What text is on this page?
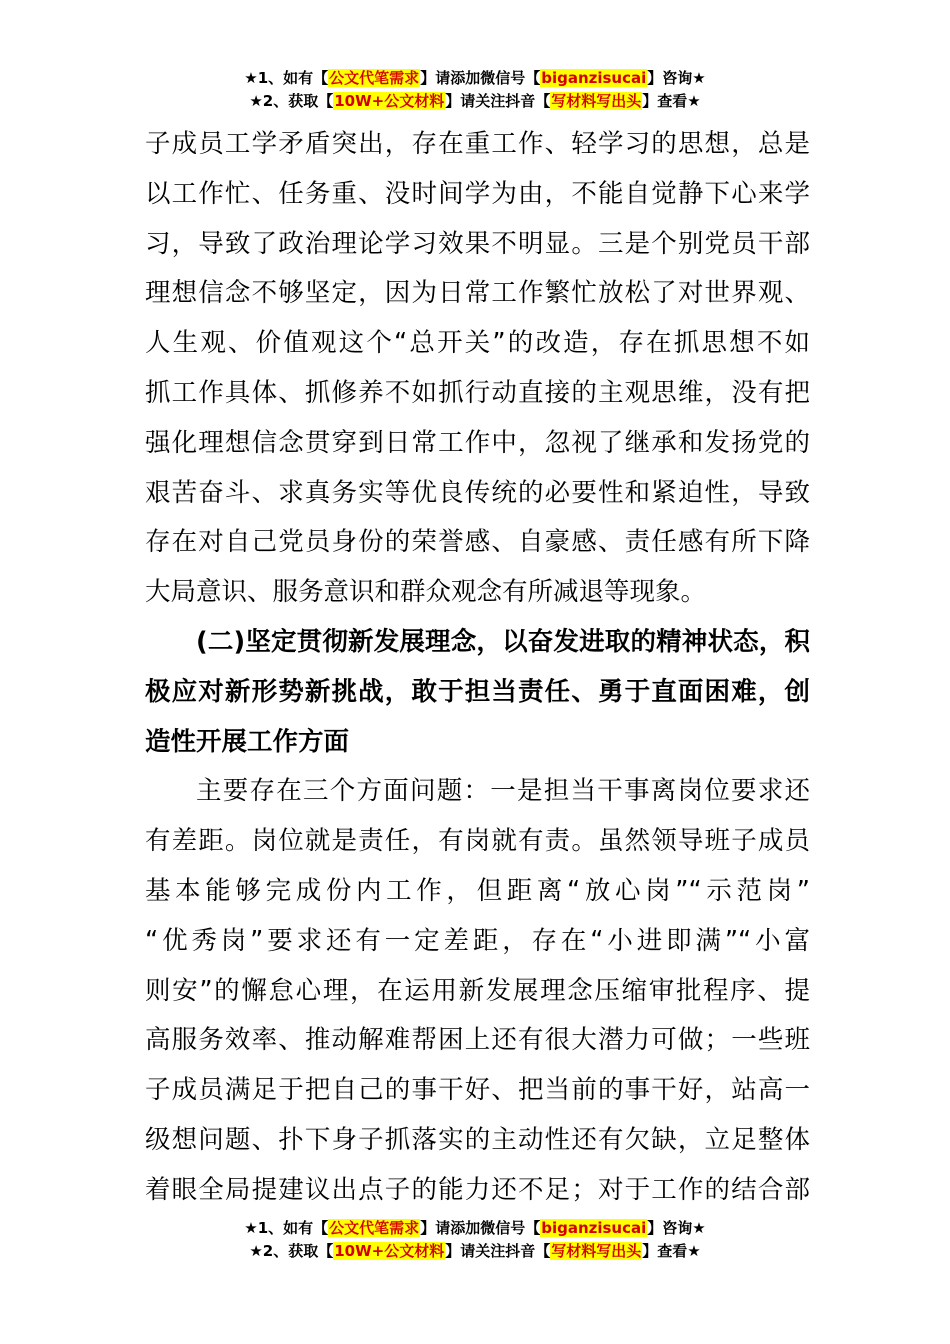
★1、如有【公文代笔需求】请添加微信号【biganzisucai】咨询★
★2、获取【10W+公文材料】请关注抖音【写材料写出头】查看★
子成员工学矛盾突出，存在重工作、轻学习的思想，总是
以工作忙、任务重、没时间学为由，不能自觉静下心来学
习，导致了政治理论学习效果不明显。三是个别党员干部
理想信念不够坚定，因为日常工作繁忙放松了对世界观、
人生观、价值观这个“总开关”的改造，存在抓思想不如
抓工作具体、抓修养不如抓行动直接的主观思维，没有把
强化理想信念贯穿到日常工作中，忽视了继承和发扬党的
艰苦奋斗、求真务实等优良传统的必要性和紧迫性，导致
存在对自己党员身份的荣誉感、自豪感、责任感有所下降
大局意识、服务意识和群众观念有所减退等现象。
(二)坚定贯彻新发展理念，以奋发进取的精神状态，积
极应对新形势新挑战，敢于担当责任、勇于直面困难，创
造性开展工作方面
主要存在三个方面问题：一是担当干事离岗位要求还
有差距。岗位就是责任，有岗就有责。虽然领导班子成员
基本能够完成份内工作，但距离“放心岗”“示范岗”
“优秀岗”要求还有一定差距，存在“小进即满”“小富
则安”的懈怠心理，在运用新发展理念压缩审批程序、提
高服务效率、推动解难帮困上还有很大潜力可做；一些班
子成员满足于把自己的事干好、把当前的事干好，站高一
级想问题、扑下身子抓落实的主动性还有欠缺，立足整体
着眼全局提建议出点子的能力还不足；对于工作的结合部
★1、如有【公文代笔需求】请添加微信号【biganzisucai】咨询★
★2、获取【10W+公文材料】请关注抖音【写材料写出头】查看★
